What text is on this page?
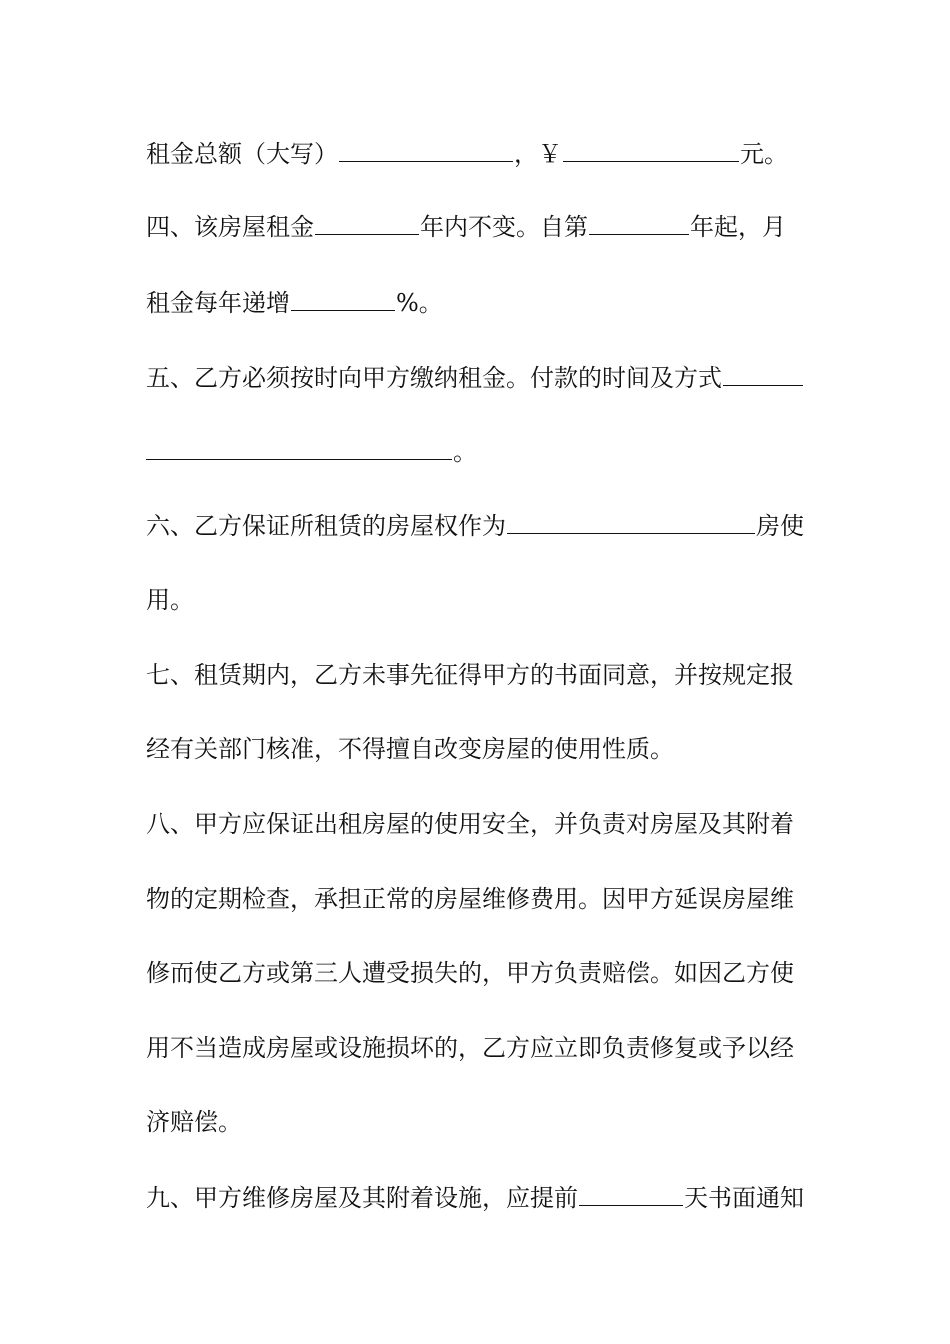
租金总额（大写）	，￥	元。
四、该房屋租金	年内不变。自第	年起，月
租金每年递增	%。
五、乙方必须按时向甲方缴纳租金。付款的时间及方式
。
六、乙方保证所租赁的房屋权作为	房使
用。
七、租赁期内，乙方未事先征得甲方的书面同意，并按规定报
经有关部门核准，不得擅自改变房屋的使用性质。
八、甲方应保证出租房屋的使用安全，并负责对房屋及其附着
物的定期检查，承担正常的房屋维修费用。因甲方延误房屋维
修而使乙方或第三人遭受损失的，甲方负责赔偿。如因乙方使
用不当造成房屋或设施损坏的，乙方应立即负责修复或予以经
济赔偿。
九、甲方维修房屋及其附着设施，应提前	天书面通知
